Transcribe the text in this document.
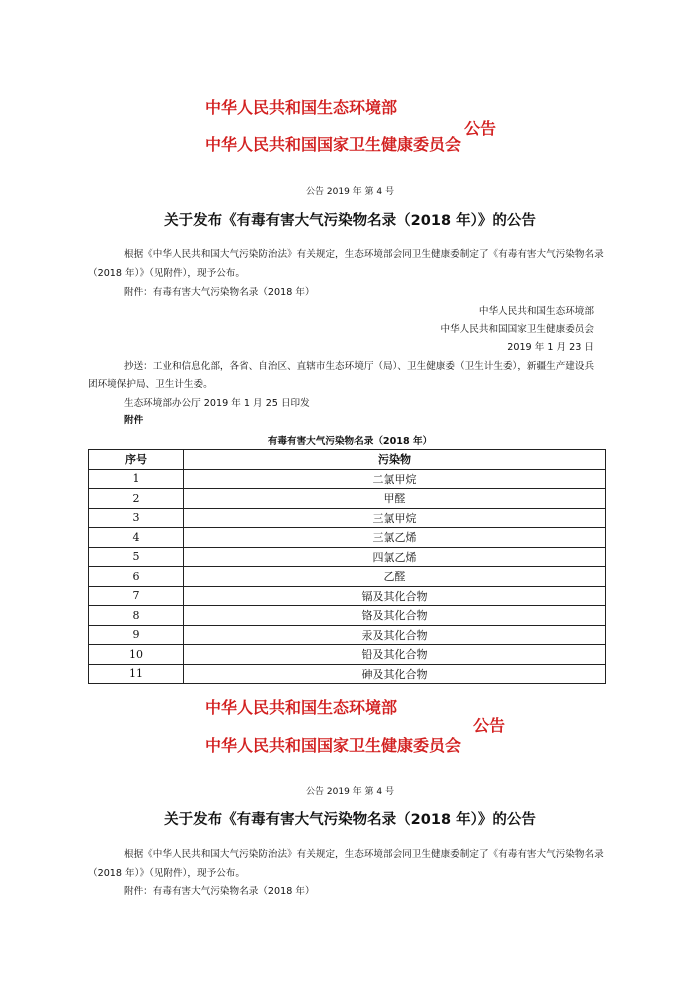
中华人民共和国生态环境部
公告
中华人民共和国国家卫生健康委员会
公告 2019 年 第 4 号
关于发布《有毒有害大气污染物名录（2018 年）》的公告
根据《中华人民共和国大气污染防治法》有关规定，生态环境部会同卫生健康委制定了《有毒有害大气污染物名录
（2018 年）》（见附件），现予公布。
附件：有毒有害大气污染物名录（2018 年）
中华人民共和国生态环境部
中华人民共和国国家卫生健康委员会
2019 年 1 月 23 日
抄送：工业和信息化部，各省、自治区、直辖市生态环境厅（局）、卫生健康委（卫生计生委），新疆生产建设兵
团环境保护局、卫生计生委。
生态环境部办公厅 2019 年 1 月 25 日印发
附件
有毒有害大气污染物名录（2018 年）
序号	污染物
1	二氯甲烷
2	甲醛
3	三氯甲烷
4	三氯乙烯
5	四氯乙烯
6	乙醛
7	镉及其化合物
8	铬及其化合物
9	汞及其化合物
10	铅及其化合物
11	砷及其化合物
中华人民共和国生态环境部
公告
中华人民共和国国家卫生健康委员会
公告 2019 年 第 4 号
关于发布《有毒有害大气污染物名录（2018 年）》的公告
根据《中华人民共和国大气污染防治法》有关规定，生态环境部会同卫生健康委制定了《有毒有害大气污染物名录
（2018 年）》（见附件），现予公布。
附件：有毒有害大气污染物名录（2018 年）
